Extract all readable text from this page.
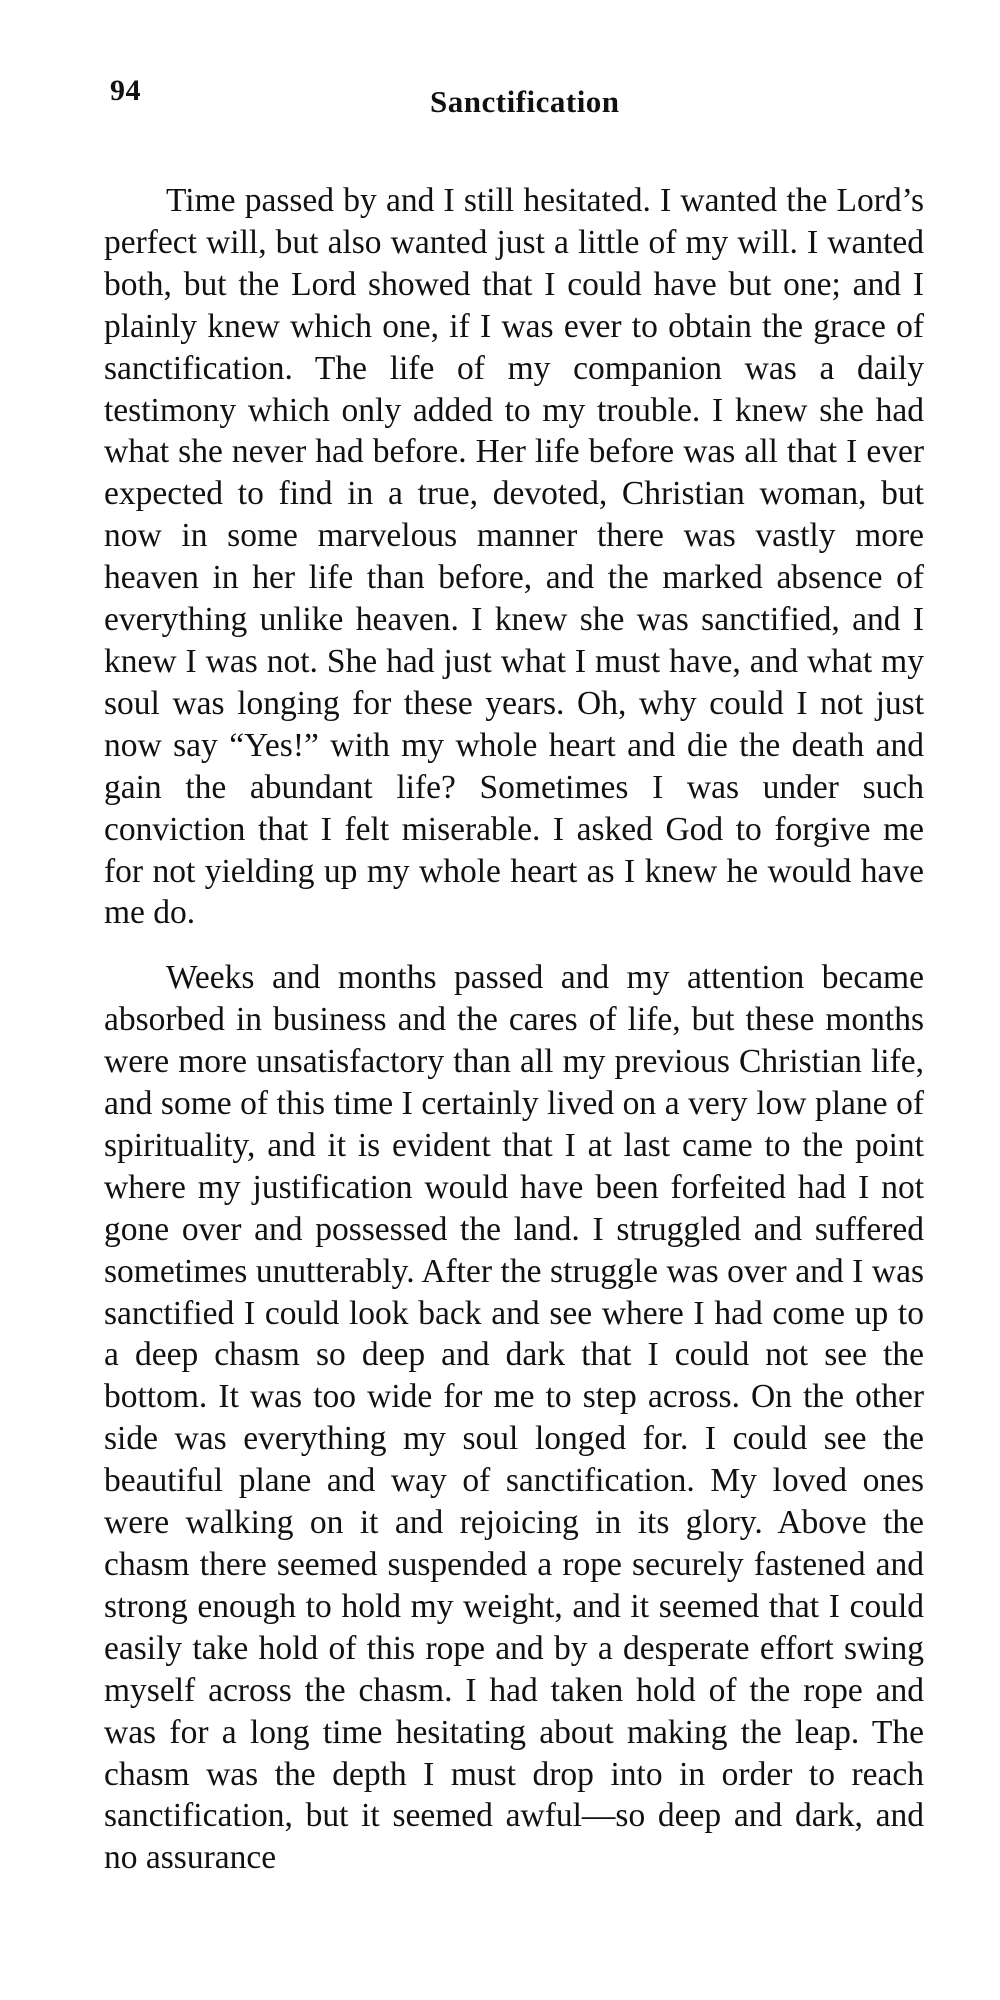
94	Sanctification

Time passed by and I still hesitated. I wanted the Lord’s perfect will, but also wanted just a little of my will. I wanted both, but the Lord showed that I could have but one; and I plainly knew which one, if I was ever to obtain the grace of sanctification. The life of my companion was a daily testimony which only added to my trouble. I knew she had what she never had before. Her life before was all that I ever expected to find in a true, devoted, Christian woman, but now in some marvelous manner there was vastly more heaven in her life than before, and the marked absence of everything unlike heaven. I knew she was sanctified, and I knew I was not. She had just what I must have, and what my soul was longing for these years. Oh, why could I not just now say “Yes!” with my whole heart and die the death and gain the abundant life? Sometimes I was under such conviction that I felt miserable. I asked God to forgive me for not yielding up my whole heart as I knew he would have me do.

Weeks and months passed and my attention became absorbed in business and the cares of life, but these months were more unsatisfactory than all my previous Christian life, and some of this time I certainly lived on a very low plane of spirituality, and it is evident that I at last came to the point where my justification would have been forfeited had I not gone over and possessed the land. I struggled and suffered sometimes unutterably. After the struggle was over and I was sanctified I could look back and see where I had come up to a deep chasm so deep and dark that I could not see the bottom. It was too wide for me to step across. On the other side was everything my soul longed for. I could see the beautiful plane and way of sanctification. My loved ones were walking on it and rejoicing in its glory. Above the chasm there seemed suspended a rope securely fastened and strong enough to hold my weight, and it seemed that I could easily take hold of this rope and by a desperate effort swing myself across the chasm. I had taken hold of the rope and was for a long time hesitating about making the leap. The chasm was the depth I must drop into in order to reach sanctification, but it seemed awful—so deep and dark, and no assurance
